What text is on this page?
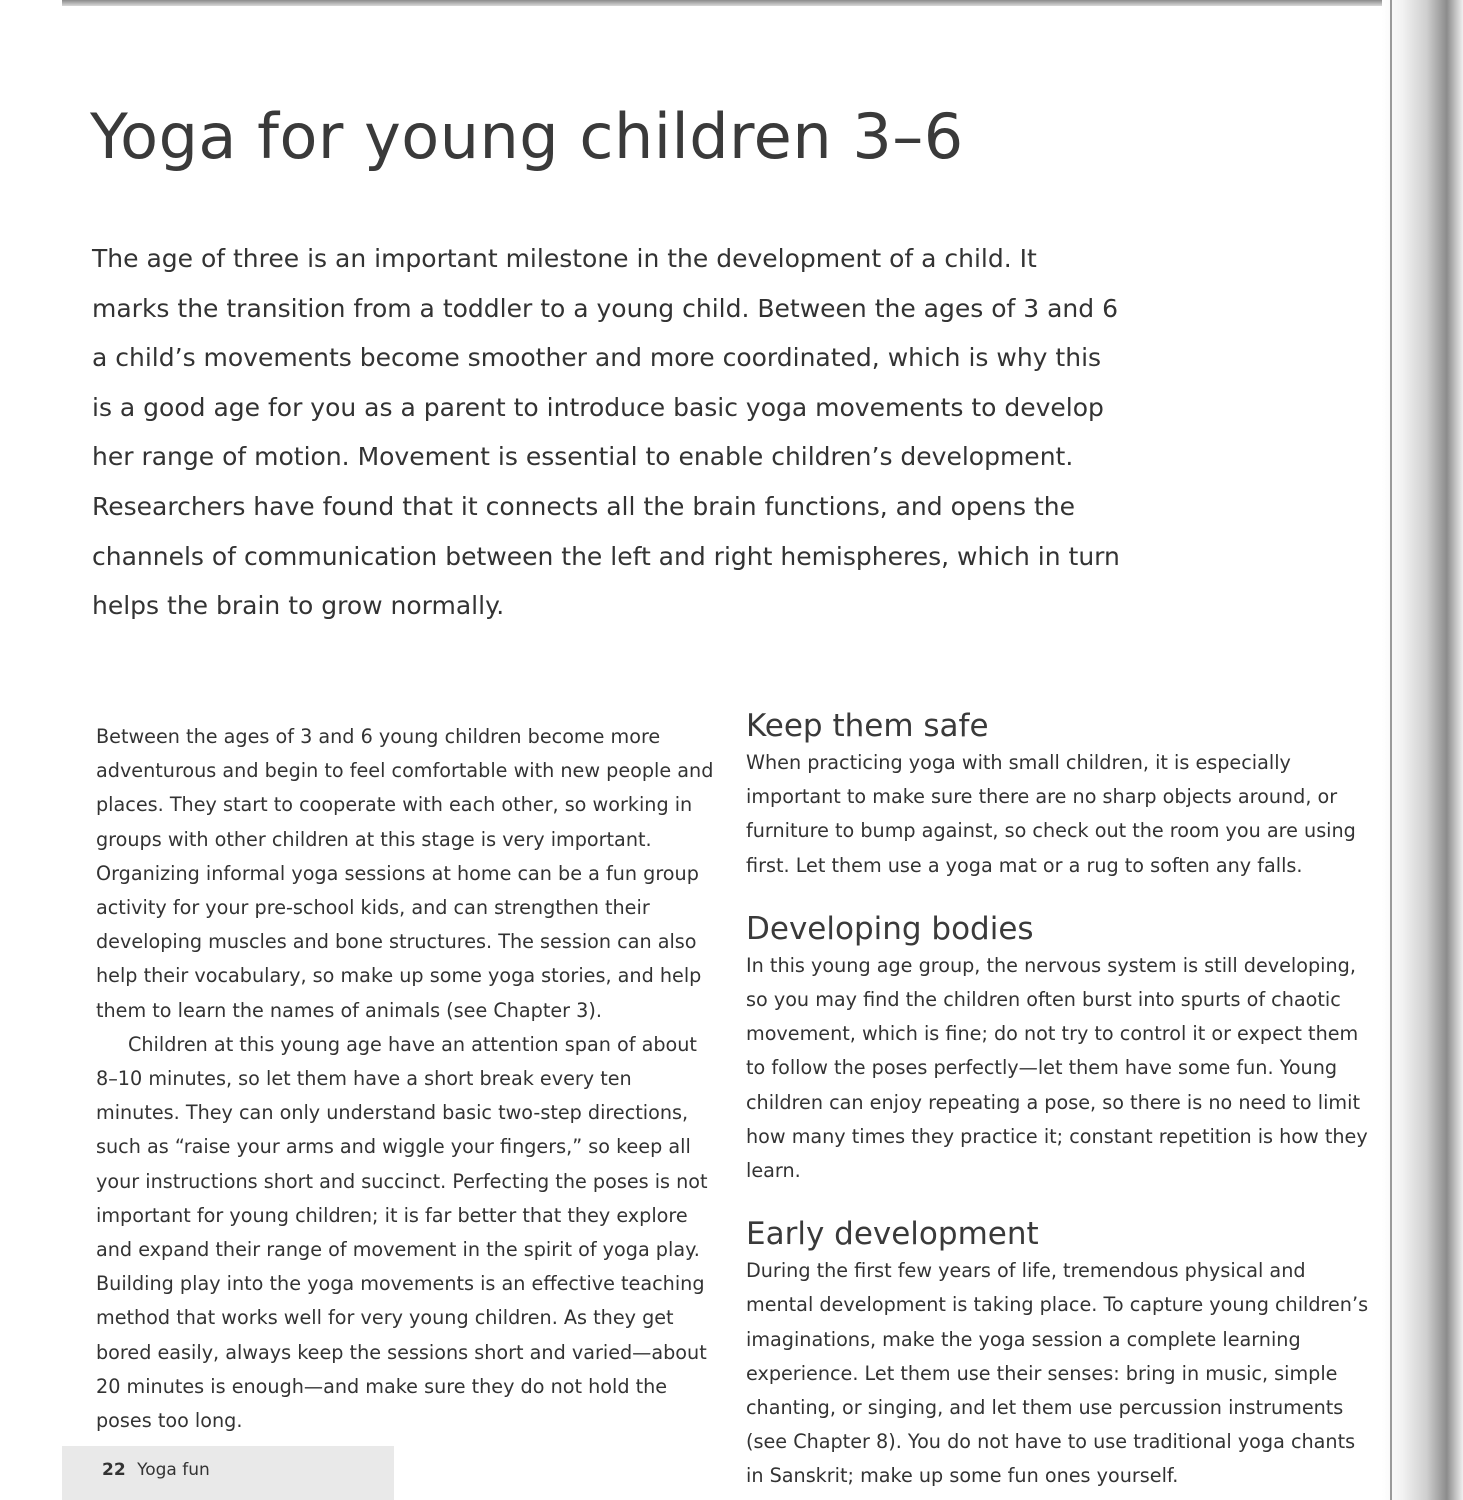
Yoga for young children 3–6

The age of three is an important milestone in the development of a child. It
marks the transition from a toddler to a young child. Between the ages of 3 and 6
a child’s movements become smoother and more coordinated, which is why this
is a good age for you as a parent to introduce basic yoga movements to develop
her range of motion. Movement is essential to enable children’s development.
Researchers have found that it connects all the brain functions, and opens the
channels of communication between the left and right hemispheres, which in turn
helps the brain to grow normally.

Between the ages of 3 and 6 young children become more adventurous and begin to feel comfortable with new people and places. They start to cooperate with each other, so working in groups with other children at this stage is very important. Organizing informal yoga sessions at home can be a fun group activity for your pre-school kids, and can strengthen their developing muscles and bone structures. The session can also help their vocabulary, so make up some yoga stories, and help them to learn the names of animals (see Chapter 3).

Children at this young age have an attention span of about 8–10 minutes, so let them have a short break every ten minutes. They can only understand basic two-step directions, such as “raise your arms and wiggle your fingers,” so keep all your instructions short and succinct. Perfecting the poses is not important for young children; it is far better that they explore and expand their range of movement in the spirit of yoga play. Building play into the yoga movements is an effective teaching method that works well for very young children. As they get bored easily, always keep the sessions short and varied—about 20 minutes is enough—and make sure they do not hold the poses too long.

Keep them safe

When practicing yoga with small children, it is especially important to make sure there are no sharp objects around, or furniture to bump against, so check out the room you are using first. Let them use a yoga mat or a rug to soften any falls.

Developing bodies

In this young age group, the nervous system is still developing, so you may find the children often burst into spurts of chaotic movement, which is fine; do not try to control it or expect them to follow the poses perfectly—let them have some fun. Young children can enjoy repeating a pose, so there is no need to limit how many times they practice it; constant repetition is how they learn.

Early development

During the first few years of life, tremendous physical and mental development is taking place. To capture young children’s imaginations, make the yoga session a complete learning experience. Let them use their senses: bring in music, simple chanting, or singing, and let them use percussion instruments (see Chapter 8). You do not have to use traditional yoga chants in Sanskrit; make up some fun ones yourself.

22 Yoga fun
